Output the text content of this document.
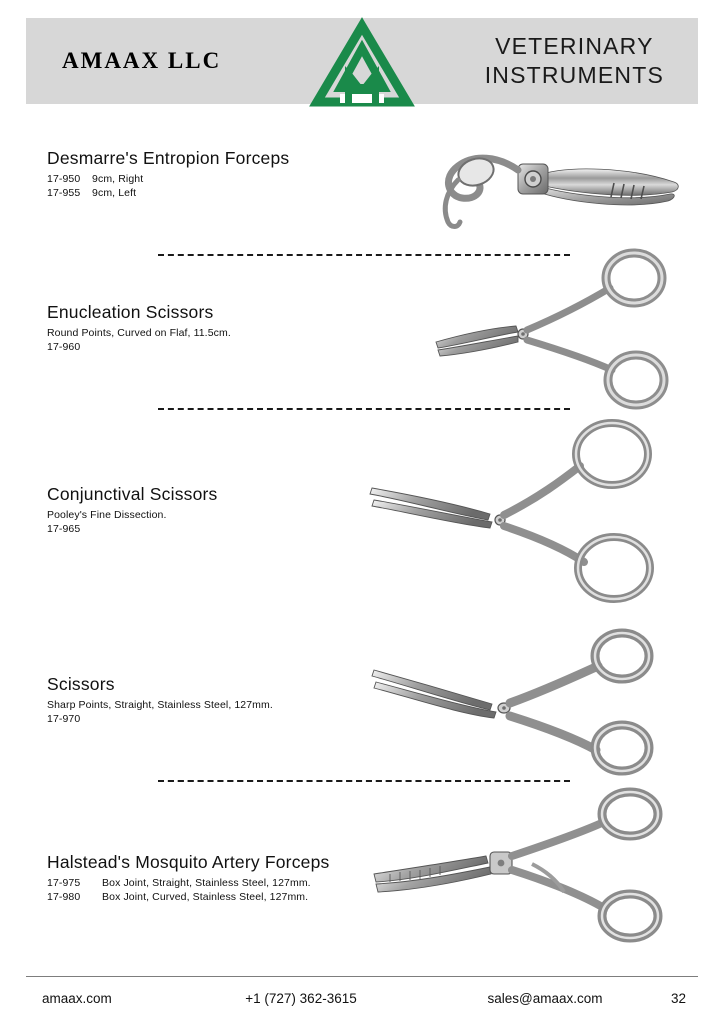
AMAAX LLC
VETERINARY
INSTRUMENTS
Desmarre's Entropion Forceps
17-950 9cm, Right
17-955 9cm, Left
Enucleation Scissors
Round Points, Curved on Flaf, 11.5cm.
17-960
Conjunctival Scissors
Pooley's Fine Dissection.
17-965
Scissors
Sharp Points, Straight, Stainless Steel, 127mm.
17-970
Halstead's Mosquito Artery Forceps
17-975 Box Joint, Straight, Stainless Steel, 127mm.
17-980 Box Joint, Curved, Stainless Steel, 127mm.
amaax.com	+1 (727) 362-3615	sales@amaax.com	32
